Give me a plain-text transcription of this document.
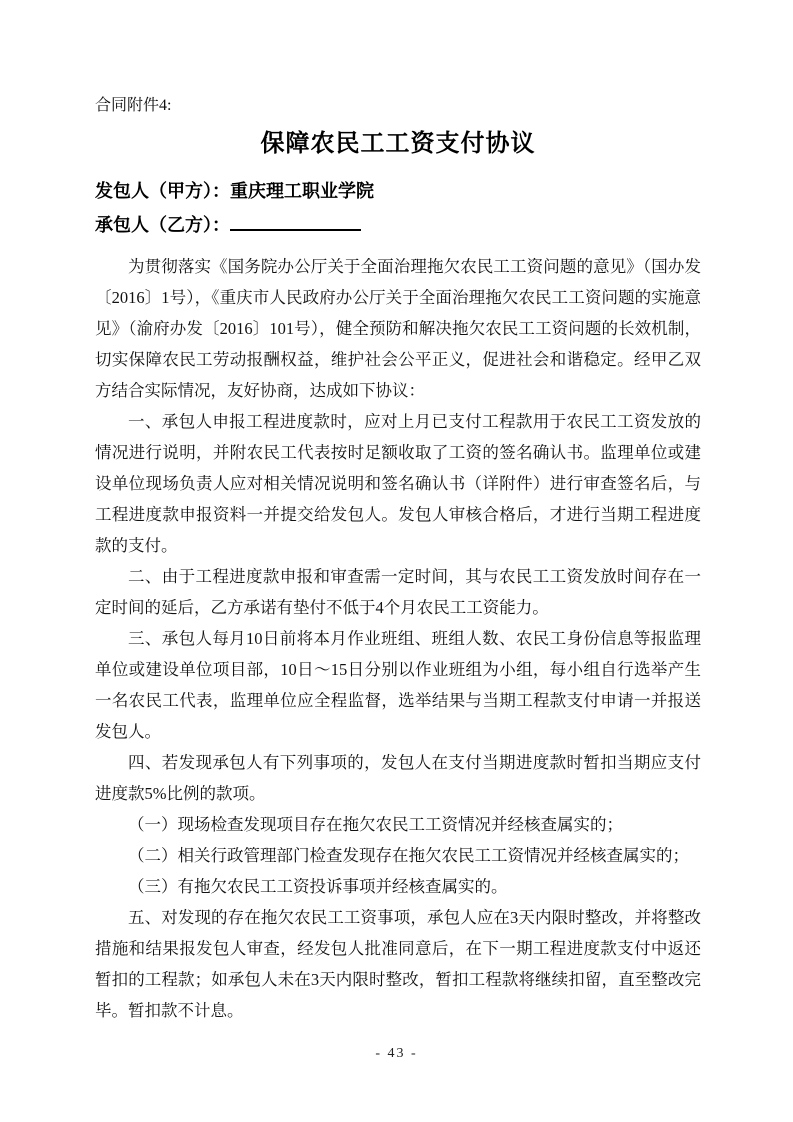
合同附件4:
保障农民工工资支付协议
发包人（甲方）：重庆理工职业学院
承包人（乙方）：

为贯彻落实《国务院办公厅关于全面治理拖欠农民工工资问题的意见》（国办发〔2016〕1号），《重庆市人民政府办公厅关于全面治理拖欠农民工工资问题的实施意见》（渝府办发〔2016〕101号），健全预防和解决拖欠农民工工资问题的长效机制，切实保障农民工劳动报酬权益，维护社会公平正义，促进社会和谐稳定。经甲乙双方结合实际情况，友好协商，达成如下协议：

一、承包人申报工程进度款时，应对上月已支付工程款用于农民工工资发放的情况进行说明，并附农民工代表按时足额收取了工资的签名确认书。监理单位或建设单位现场负责人应对相关情况说明和签名确认书（详附件）进行审查签名后，与工程进度款申报资料一并提交给发包人。发包人审核合格后，才进行当期工程进度款的支付。

二、由于工程进度款申报和审查需一定时间，其与农民工工资发放时间存在一定时间的延后，乙方承诺有垫付不低于4个月农民工工资能力。

三、承包人每月10日前将本月作业班组、班组人数、农民工身份信息等报监理单位或建设单位项目部，10日～15日分别以作业班组为小组，每小组自行选举产生一名农民工代表，监理单位应全程监督，选举结果与当期工程款支付申请一并报送发包人。

四、若发现承包人有下列事项的，发包人在支付当期进度款时暂扣当期应支付进度款5%比例的款项。

（一）现场检查发现项目存在拖欠农民工工资情况并经核查属实的；

（二）相关行政管理部门检查发现存在拖欠农民工工资情况并经核查属实的；

（三）有拖欠农民工工资投诉事项并经核查属实的。

五、对发现的存在拖欠农民工工资事项，承包人应在3天内限时整改，并将整改措施和结果报发包人审查，经发包人批准同意后，在下一期工程进度款支付中返还暂扣的工程款；如承包人未在3天内限时整改，暂扣工程款将继续扣留，直至整改完毕。暂扣款不计息。

- 43 -
